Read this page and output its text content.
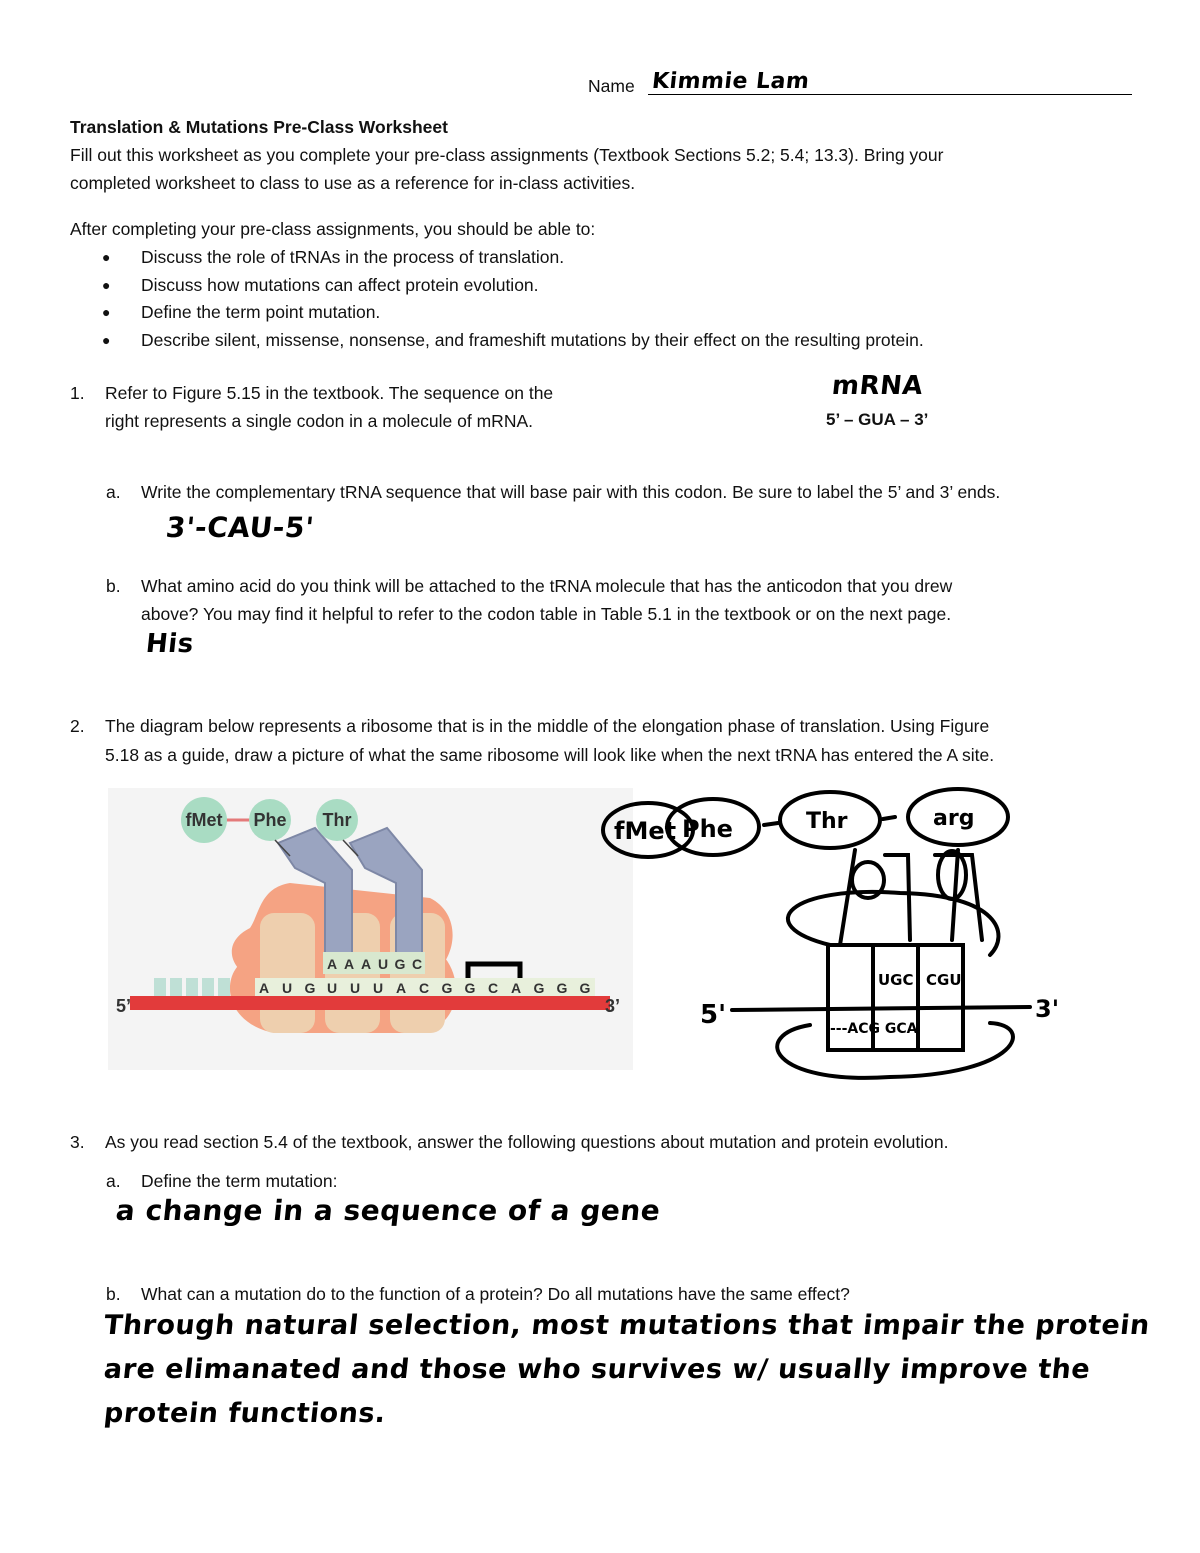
Name Kimmie Lam
Translation & Mutations Pre-Class Worksheet
Fill out this worksheet as you complete your pre-class assignments (Textbook Sections 5.2; 5.4; 13.3). Bring your
completed worksheet to class to use as a reference for in-class activities.
After completing your pre-class assignments, you should be able to:
● Discuss the role of tRNAs in the process of translation.
● Discuss how mutations can affect protein evolution.
● Define the term point mutation.
● Describe silent, missense, nonsense, and frameshift mutations by their effect on the resulting protein.
1. Refer to Figure 5.15 in the textbook. The sequence on the
right represents a single codon in a molecule of mRNA.
mRNA
5’ – GUA – 3’
a. Write the complementary tRNA sequence that will base pair with this codon. Be sure to label the 5’ and 3’ ends.
3'-CAU-5'
b. What amino acid do you think will be attached to the tRNA molecule that has the anticodon that you drew
above? You may find it helpful to refer to the codon table in Table 5.1 in the textbook or on the next page.
His
2. The diagram below represents a ribosome that is in the middle of the elongation phase of translation. Using Figure
5.18 as a guide, draw a picture of what the same ribosome will look like when the next tRNA has entered the A site.
fMet Phe Thr
A A A U G C
A U G U U U A C G G C A G G G
5’	3’
fMet Phe	Thr	arg
UGC CGU
---ACG GCA
5'	3'
3. As you read section 5.4 of the textbook, answer the following questions about mutation and protein evolution.
a. Define the term mutation:
a change in a sequence of a gene
b. What can a mutation do to the function of a protein? Do all mutations have the same effect?
Through natural selection, most mutations that impair the protein
are elimanated and those who survives w/ usually improve the
protein functions.
